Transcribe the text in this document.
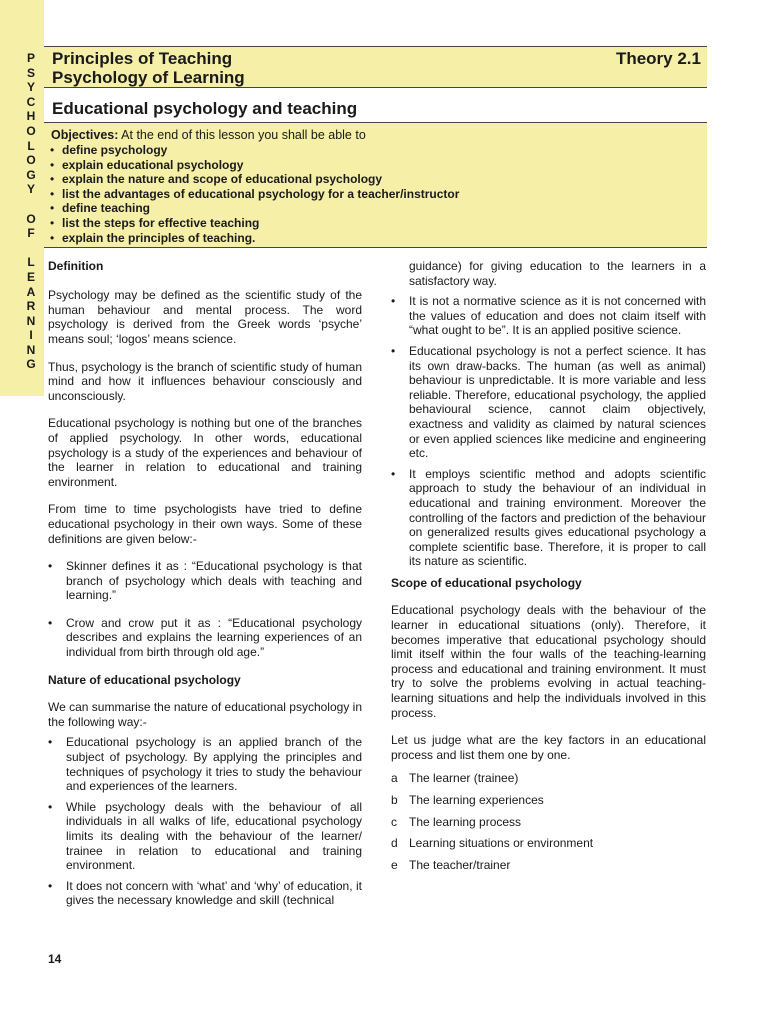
P
S
Y
C
H
O
L
O
G
Y

O
F

L
E
A
R
N
I
N
G
Principles of Teaching
Psychology of Learning
Theory 2.1
Educational psychology and teaching
Objectives: At the end of this lesson you shall be able to
• define psychology
• explain educational psychology
• explain the nature and scope of educational psychology
• list the advantages of educational psychology for a teacher/instructor
• define teaching
• list the steps for effective teaching
• explain the principles of teaching.

Definition

Psychology may be defined as the scientific study of the human behaviour and mental process. The word psychology is derived from the Greek words ‘psyche’ means soul; ‘logos’ means science.

Thus, psychology is the branch of scientific study of human mind and how it influences behaviour consciously and unconsciously.

Educational psychology is nothing but one of the branches of applied psychology. In other words, educational psychology is a study of the experiences and behaviour of the learner in relation to educational and training environment.

From time to time psychologists have tried to define educational psychology in their own ways. Some of these definitions are given below:-

• Skinner defines it as : “Educational psychology is that branch of psychology which deals with teaching and learning.”

• Crow and crow put it as : “Educational psychology describes and explains the learning experiences of an individual from birth through old age.”

Nature of educational psychology

We can summarise the nature of educational psychology in the following way:-

• Educational psychology is an applied branch of the subject of psychology. By applying the principles and techniques of psychology it tries to study the behaviour and experiences of the learners.

• While psychology deals with the behaviour of all individuals in all walks of life, educational psychology limits its dealing with the behaviour of the learner/ trainee in relation to educational and training environment.

• It does not concern with ‘what’ and ‘why’ of education, it gives the necessary knowledge and skill (technical

guidance) for giving education to the learners in a satisfactory way.

• It is not a normative science as it is not concerned with the values of education and does not claim itself with “what ought to be”. It is an applied positive science.

• Educational psychology is not a perfect science. It has its own draw-backs. The human (as well as animal) behaviour is unpredictable. It is more variable and less reliable. Therefore, educational psychology, the applied behavioural science, cannot claim objectively, exactness and validity as claimed by natural sciences or even applied sciences like medicine and engineering etc.

• It employs scientific method and adopts scientific approach to study the behaviour of an individual in educational and training environment. Moreover the controlling of the factors and prediction of the behaviour on generalized results gives educational psychology a complete scientific base. Therefore, it is proper to call its nature as scientific.

Scope of educational psychology

Educational psychology deals with the behaviour of the learner in educational situations (only). Therefore, it becomes imperative that educational psychology should limit itself within the four walls of the teaching-learning process and educational and training environment. It must try to solve the problems evolving in actual teaching-learning situations and help the individuals involved in this process.

Let us judge what are the key factors in an educational process and list them one by one.

a The learner (trainee)
b The learning experiences
c The learning process
d Learning situations or environment
e The teacher/trainer
14
